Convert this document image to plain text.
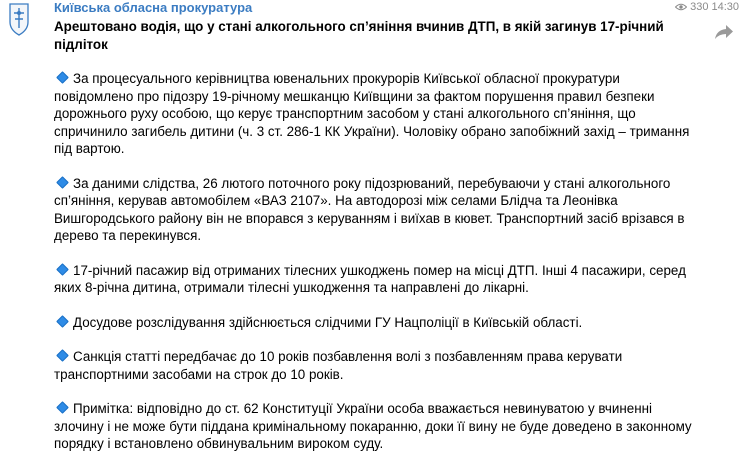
Київська обласна прокуратура	330 14:30

Арештовано водія, що у стані алкогольного сп’яніння вчинив ДТП, в якій загинув 17-річний підліток

За процесуального керівництва ювенальних прокурорів Київської обласної прокуратури повідомлено про підозру 19-річному мешканцю Київщини за фактом порушення правил безпеки дорожнього руху особою, що керує транспортним засобом у стані алкогольного сп’яніння, що спричинило загибель дитини (ч. 3 ст. 286-1 КК України). Чоловіку обрано запобіжний захід – тримання під вартою.

За даними слідства, 26 лютого поточного року підозрюваний, перебуваючи у стані алкогольного сп’яніння, керував автомобілем «ВАЗ 2107». На автодорозі між селами Блідча та Леонівка Вишгородського району він не впорався з керуванням і виїхав в кювет. Транспортний засіб врізався в дерево та перекинувся.

17-річний пасажир від отриманих тілесних ушкоджень помер на місці ДТП. Інші 4 пасажири, серед яких 8-річна дитина, отримали тілесні ушкодження та направлені до лікарні.

Досудове розслідування здійснюється слідчими ГУ Нацполіції в Київській області.

Санкція статті передбачає до 10 років позбавлення волі з позбавленням права керувати транспортними засобами на строк до 10 років.

Примітка: відповідно до ст. 62 Конституції України особа вважається невинуватою у вчиненні злочину і не може бути піддана кримінальному покаранню, доки її вину не буде доведено в законному порядку і встановлено обвинувальним вироком суду.
